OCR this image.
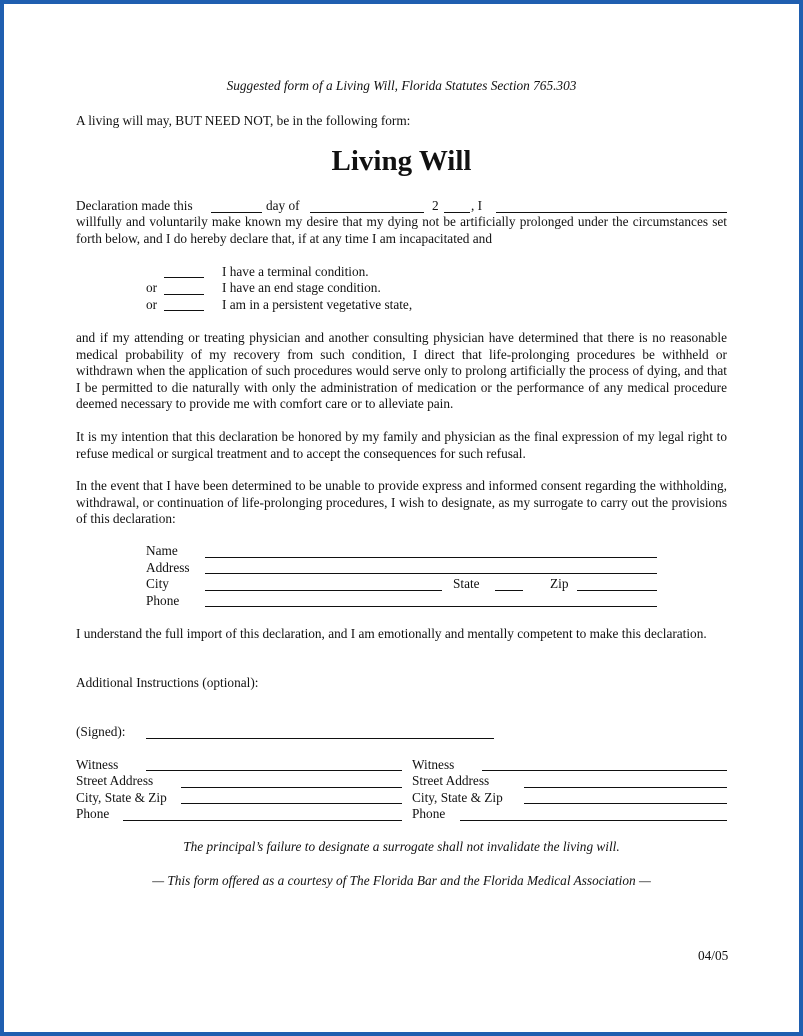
Suggested form of a Living Will, Florida Statutes Section 765.303
A living will may, BUT NEED NOT, be in the following form:
Living Will
Declaration made this	day of	2 , I
willfully and voluntarily make known my desire that my dying not be artificially prolonged under the circumstances set forth below, and I do hereby declare that, if at any time I am incapacitated and
I have a terminal condition.
or	I have an end stage condition.
or	I am in a persistent vegetative state,
and if my attending or treating physician and another consulting physician have determined that there is no reasonable medical probability of my recovery from such condition, I direct that life-prolonging procedures be withheld or withdrawn when the application of such procedures would serve only to prolong artificially the process of dying, and that I be permitted to die naturally with only the administration of medication or the performance of any medical procedure deemed necessary to provide me with comfort care or to alleviate pain.
It is my intention that this declaration be honored by my family and physician as the final expression of my legal right to refuse medical or surgical treatment and to accept the consequences for such refusal.
In the event that I have been determined to be unable to provide express and informed consent regarding the withholding, withdrawal, or continuation of life-prolonging procedures, I wish to designate, as my surrogate to carry out the provisions of this declaration:
Name
Address
City	State	Zip
Phone
I understand the full import of this declaration, and I am emotionally and mentally competent to make this declaration.
Additional Instructions (optional):
(Signed):
Witness
Street Address
City, State & Zip
Phone
Witness
Street Address
City, State & Zip
Phone
The principal’s failure to designate a surrogate shall not invalidate the living will.
— This form offered as a courtesy of The Florida Bar and the Florida Medical Association —
04/05
